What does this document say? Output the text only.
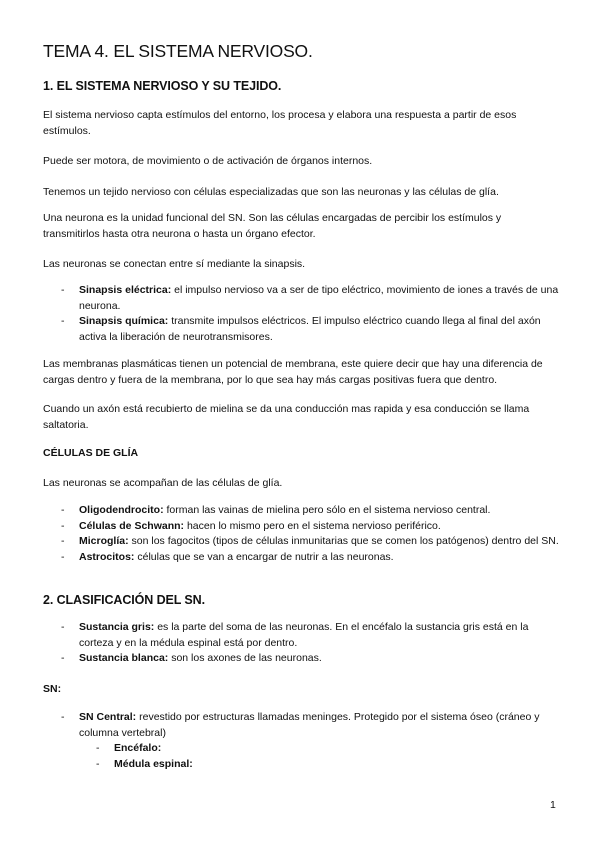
TEMA 4. EL SISTEMA NERVIOSO.
1. EL SISTEMA NERVIOSO Y SU TEJIDO.

El sistema nervioso capta estímulos del entorno, los procesa y elabora una respuesta a partir de esos estímulos.

Puede ser motora, de movimiento o de activación de órganos internos.

Tenemos un tejido nervioso con células especializadas que son las neuronas y las células de glía.

Una neurona es la unidad funcional del SN. Son las células encargadas de percibir los estímulos y transmitirlos hasta otra neurona o hasta un órgano efector.

Las neuronas se conectan entre sí mediante la sinapsis.

- Sinapsis eléctrica: el impulso nervioso va a ser de tipo eléctrico, movimiento de iones a través de una neurona.
- Sinapsis química: transmite impulsos eléctricos. El impulso eléctrico cuando llega al final del axón activa la liberación de neurotransmisores.

Las membranas plasmáticas tienen un potencial de membrana, este quiere decir que hay una diferencia de cargas dentro y fuera de la membrana, por lo que sea hay más cargas positivas fuera que dentro.

Cuando un axón está recubierto de mielina se da una conducción mas rapida y esa conducción se llama saltatoria.

CÉLULAS DE GLÍA

Las neuronas se acompañan de las células de glía.

- Oligodendrocito: forman las vainas de mielina pero sólo en el sistema nervioso central.
- Células de Schwann: hacen lo mismo pero en el sistema nervioso periférico.
- Microglía: son los fagocitos (tipos de células inmunitarias que se comen los patógenos) dentro del SN.
- Astrocitos: células que se van a encargar de nutrir a las neuronas.
2. CLASIFICACIÓN DEL SN.
- Sustancia gris: es la parte del soma de las neuronas. En el encéfalo la sustancia gris está en la corteza y en la médula espinal está por dentro.
- Sustancia blanca: son los axones de las neuronas.
SN:
- SN Central: revestido por estructuras llamadas meninges. Protegido por el sistema óseo (cráneo y columna vertebral)
- Encéfalo:
- Médula espinal:
1
